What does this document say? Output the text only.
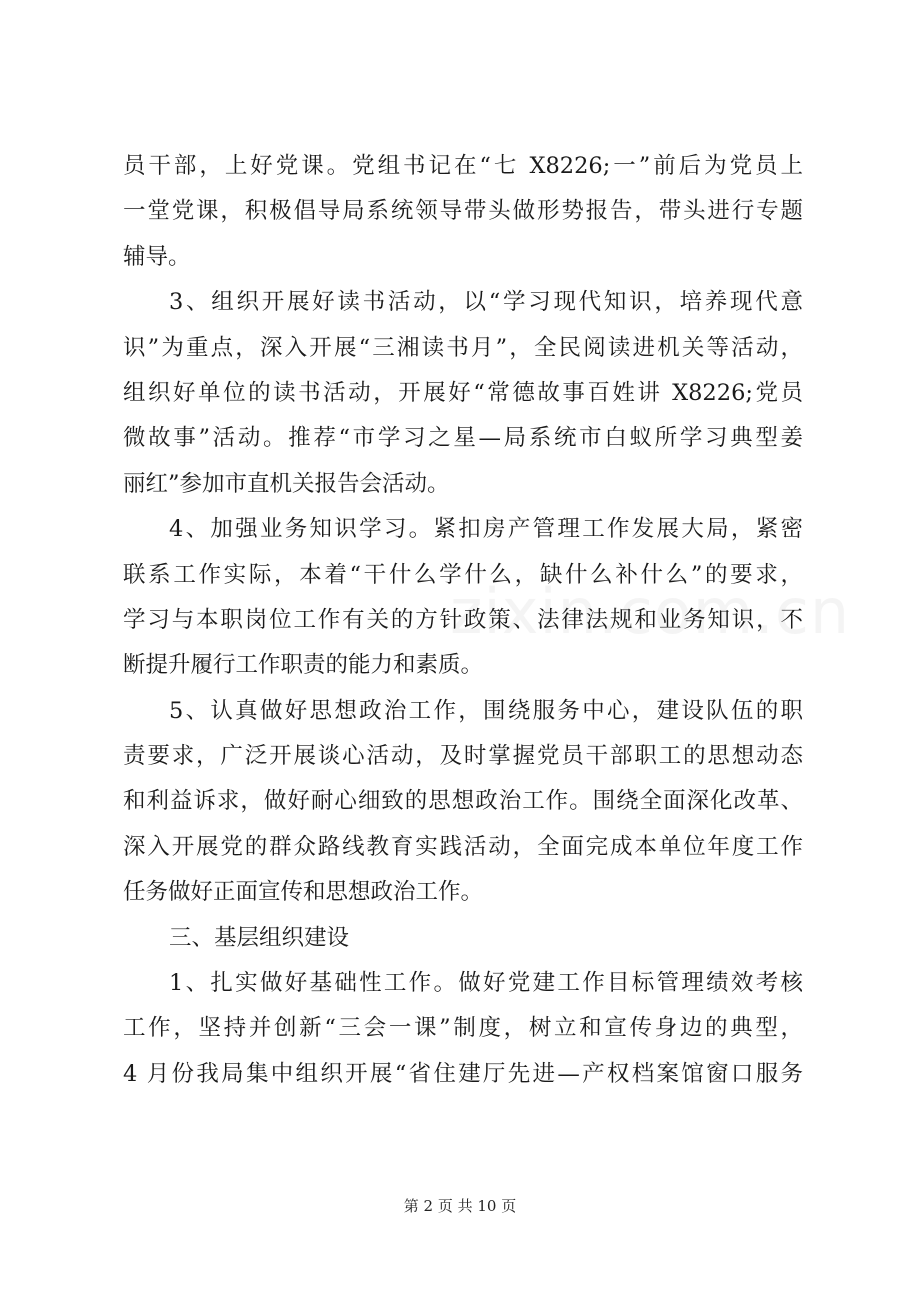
员干部，上好党课。党组书记在“七 X8226;一”前后为党员上
一堂党课，积极倡导局系统领导带头做形势报告，带头进行专题
辅导。
3、组织开展好读书活动，以“学习现代知识，培养现代意
识”为重点，深入开展“三湘读书月”，全民阅读进机关等活动，
组织好单位的读书活动，开展好“常德故事百姓讲 X8226;党员
微故事”活动。推荐“市学习之星—局系统市白蚁所学习典型姜
丽红”参加市直机关报告会活动。
4、加强业务知识学习。紧扣房产管理工作发展大局，紧密
联系工作实际，本着“干什么学什么，缺什么补什么”的要求，
学习与本职岗位工作有关的方针政策、法律法规和业务知识，不
断提升履行工作职责的能力和素质。
5、认真做好思想政治工作，围绕服务中心，建设队伍的职
责要求，广泛开展谈心活动，及时掌握党员干部职工的思想动态
和利益诉求，做好耐心细致的思想政治工作。围绕全面深化改革、
深入开展党的群众路线教育实践活动，全面完成本单位年度工作
任务做好正面宣传和思想政治工作。
三、基层组织建设
1、扎实做好基础性工作。做好党建工作目标管理绩效考核
工作，坚持并创新“三会一课”制度，树立和宣传身边的典型，
4 月份我局集中组织开展“省住建厅先进—产权档案馆窗口服务
第 2 页 共 10 页
